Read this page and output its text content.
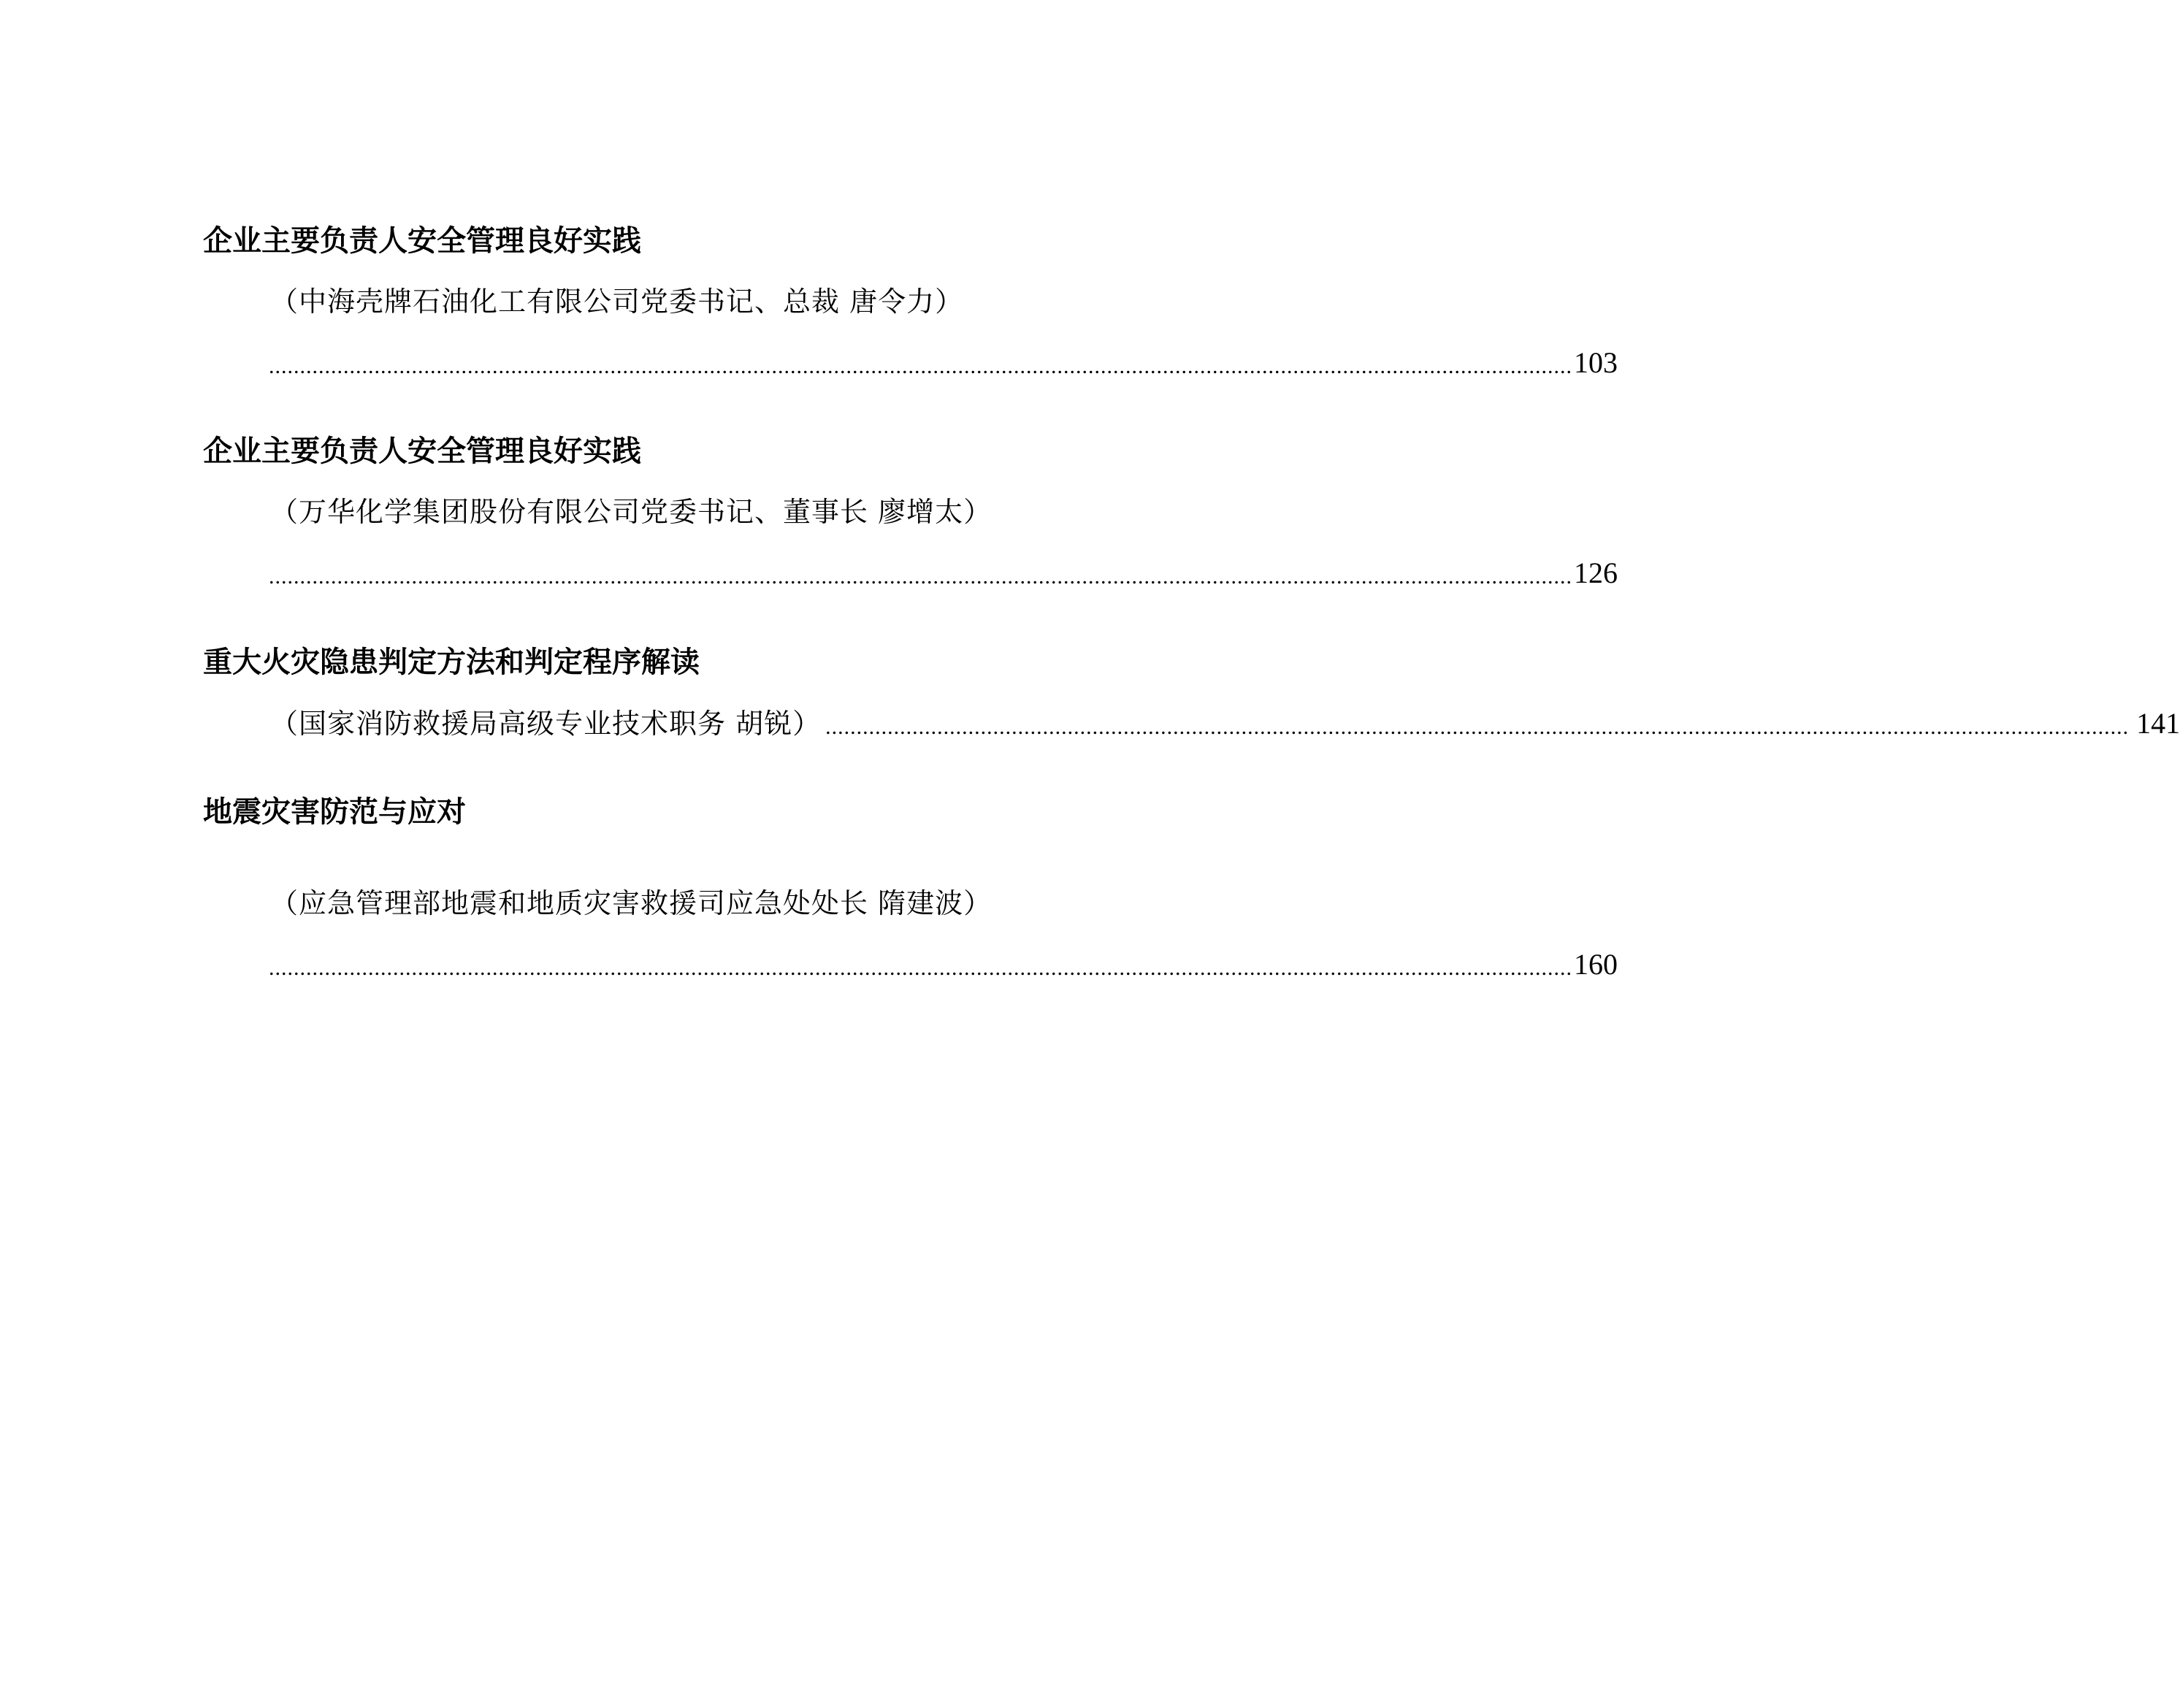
企业主要负责人安全管理良好实践
（中海壳牌石油化工有限公司党委书记、总裁 唐令力）
.................................................................................................................................................................................................................. 103
企业主要负责人安全管理良好实践
（万华化学集团股份有限公司党委书记、董事长 廖增太）
.................................................................................................................................................................................................................. 126
重大火灾隐患判定方法和判定程序解读
（国家消防救援局高级专业技术职务 胡锐） .................................................................................................................................................................................................................. 141
地震灾害防范与应对
（应急管理部地震和地质灾害救援司应急处处长 隋建波）
.................................................................................................................................................................................................................. 160
